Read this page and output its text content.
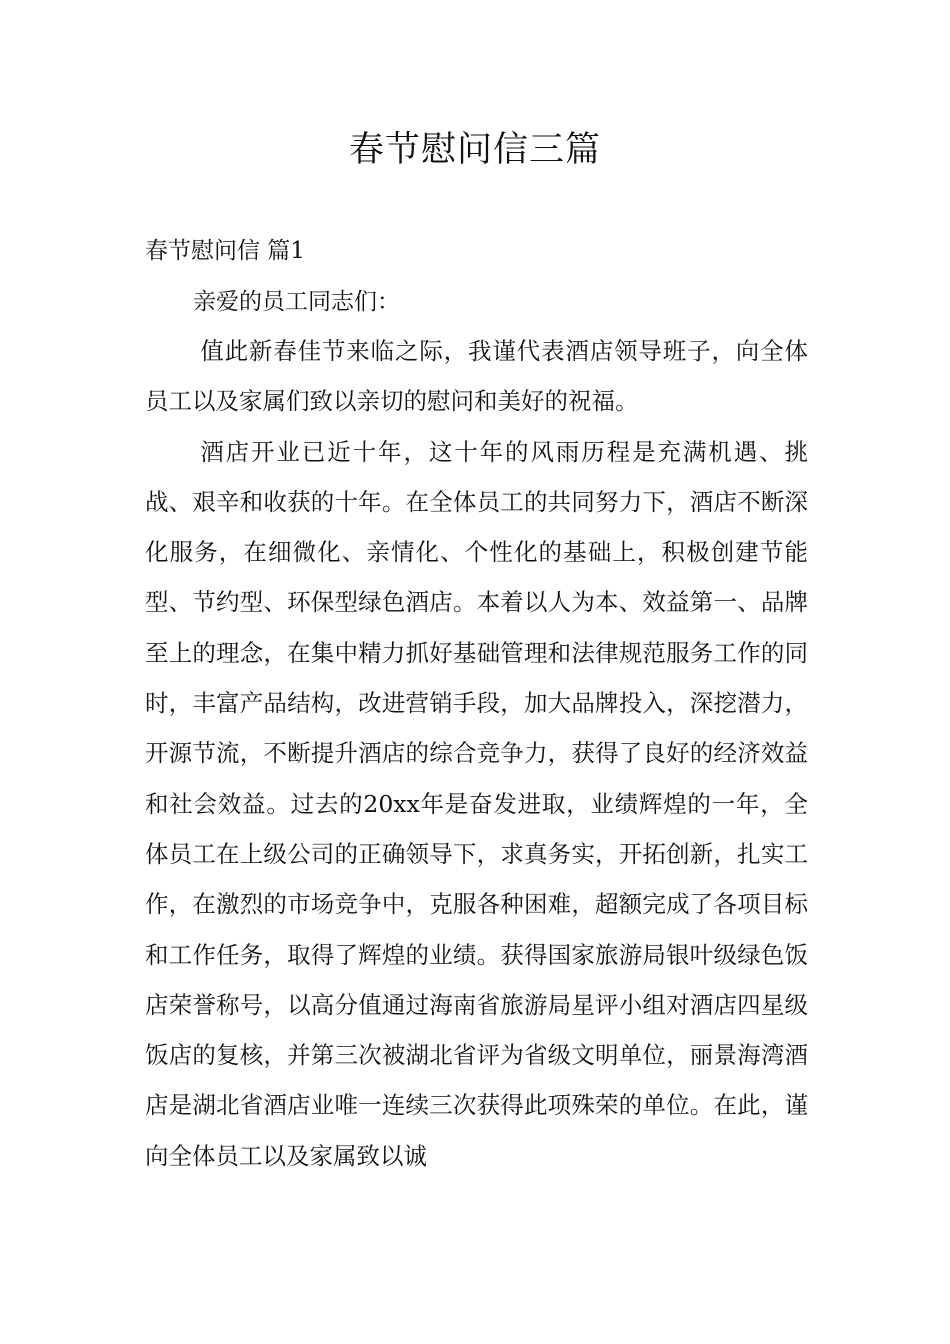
春节慰问信三篇
春节慰问信 篇1

亲爱的员工同志们：

值此新春佳节来临之际，我谨代表酒店领导班子，向全体员工以及家属们致以亲切的慰问和美好的祝福。

酒店开业已近十年，这十年的风雨历程是充满机遇、挑战、艰辛和收获的十年。在全体员工的共同努力下，酒店不断深化服务，在细微化、亲情化、个性化的基础上，积极创建节能型、节约型、环保型绿色酒店。本着以人为本、效益第一、品牌至上的理念，在集中精力抓好基础管理和法律规范服务工作的同时，丰富产品结构，改进营销手段，加大品牌投入，深挖潜力，开源节流，不断提升酒店的综合竞争力，获得了良好的经济效益和社会效益。过去的20xx年是奋发进取，业绩辉煌的一年，全体员工在上级公司的正确领导下，求真务实，开拓创新，扎实工作，在激烈的市场竞争中，克服各种困难，超额完成了各项目标和工作任务，取得了辉煌的业绩。获得国家旅游局银叶级绿色饭店荣誉称号，以高分值通过海南省旅游局星评小组对酒店四星级饭店的复核，并第三次被湖北省评为省级文明单位，丽景海湾酒店是湖北省酒店业唯一连续三次获得此项殊荣的单位。在此，谨向全体员工以及家属致以诚
